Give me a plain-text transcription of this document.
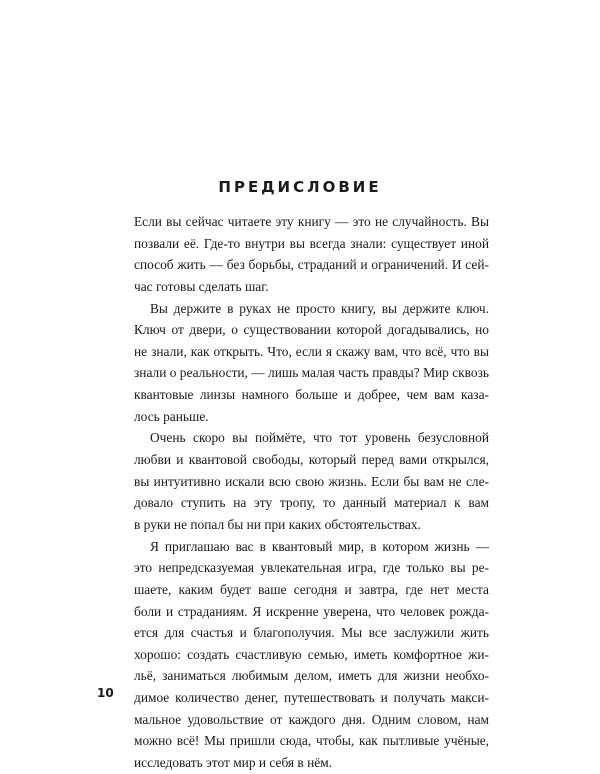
ПРЕДИСЛОВИЕ
Если вы сейчас читаете эту книгу — это не случайность. Вы
позвали её. Где-то внутри вы всегда знали: существует иной
способ жить — без борьбы, страданий и ограничений. И сей-
час готовы сделать шаг.
Вы держите в руках не просто книгу, вы держите ключ.
Ключ от двери, о существовании которой догадывались, но
не знали, как открыть. Что, если я скажу вам, что всё, что вы
знали о реальности, — лишь малая часть правды? Мир сквозь
квантовые линзы намного больше и добрее, чем вам каза-
лось раньше.
Очень скоро вы поймёте, что тот уровень безусловной
любви и квантовой свободы, который перед вами открылся,
вы интуитивно искали всю свою жизнь. Если бы вам не сле-
довало ступить на эту тропу, то данный материал к вам
в руки не попал бы ни при каких обстоятельствах.
Я приглашаю вас в квантовый мир, в котором жизнь —
это непредсказуемая увлекательная игра, где только вы ре-
шаете, каким будет ваше сегодня и завтра, где нет места
боли и страданиям. Я искренне уверена, что человек рожда-
ется для счастья и благополучия. Мы все заслужили жить
хорошо: создать счастливую семью, иметь комфортное жи-
льё, заниматься любимым делом, иметь для жизни необхо-
димое количество денег, путешествовать и получать макси-
мальное удовольствие от каждого дня. Одним словом, нам
можно всё! Мы пришли сюда, чтобы, как пытливые учёные,
исследовать этот мир и себя в нём.
10
